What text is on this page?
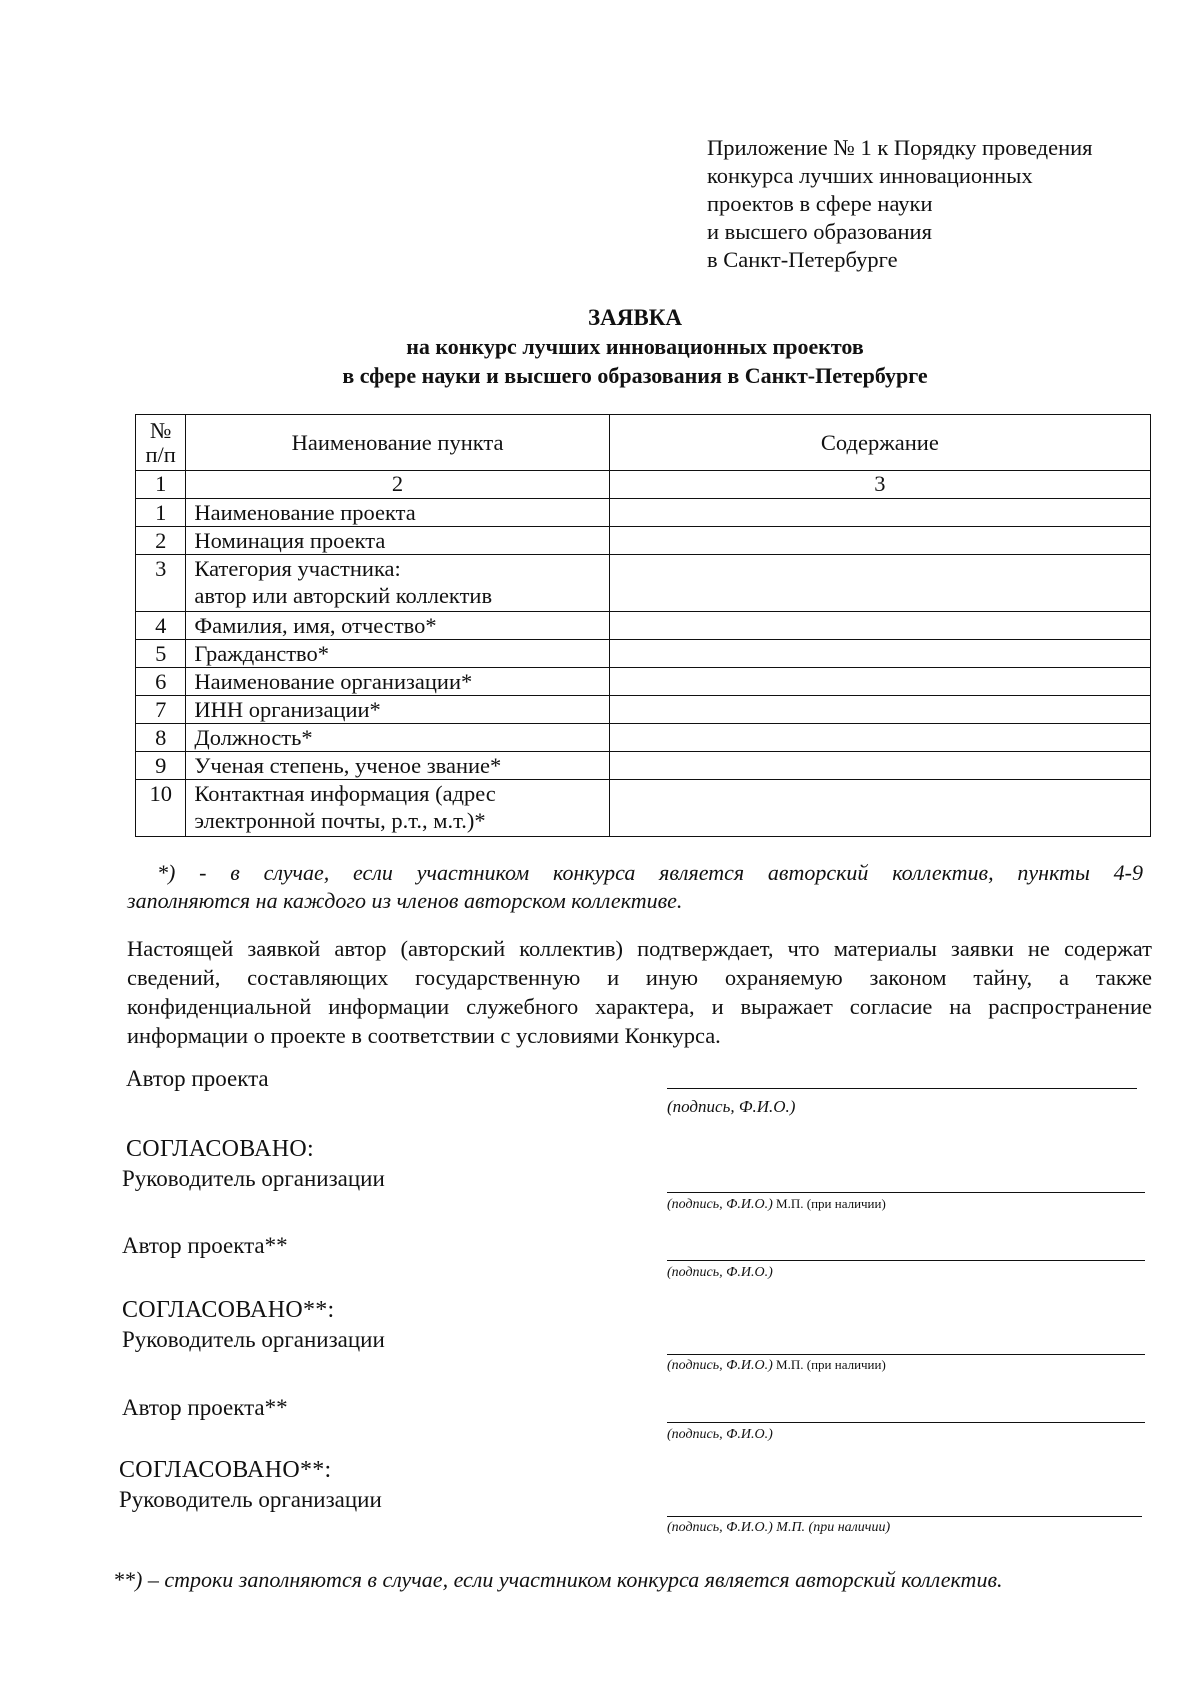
Приложение № 1 к Порядку проведения
конкурса лучших инновационных
проектов в сфере науки
и высшего образования
в Санкт-Петербурге
ЗАЯВКА
на конкурс лучших инновационных проектов
в сфере науки и высшего образования в Санкт-Петербурге
№
п/п	Наименование пункта	Содержание
1	2	3
1	Наименование проекта	
2	Номинация проекта	
3	Категория участника:
автор или авторский коллектив	

4	Фамилия, имя, отчество*	
5	Гражданство*	
6	Наименование организации*	
7	ИНН организации*	
8	Должность*	
9	Ученая степень, ученое звание*	
10	Контактная информация (адрес
электронной почты, р.т., м.т.)*	

*) - в случае, если участником конкурса является авторский коллектив, пункты 4-9
заполняются на каждого из членов авторском коллективе.
Настоящей заявкой автор (авторский коллектив) подтверждает, что материалы заявки не содержат
сведений, составляющих государственную и иную охраняемую законом тайну, а также
конфиденциальной информации служебного характера, и выражает согласие на распространение
информации о проекте в соответствии с условиями Конкурса.
Автор проекта
(подпись, Ф.И.О.)
СОГЛАСОВАНО:
Руководитель организации
(подпись, Ф.И.О.) М.П. (при наличии)
Автор проекта**
(подпись, Ф.И.О.)
СОГЛАСОВАНО**:
Руководитель организации
(подпись, Ф.И.О.) М.П. (при наличии)
Автор проекта**
(подпись, Ф.И.О.)
СОГЛАСОВАНО**:
Руководитель организации
(подпись, Ф.И.О.) М.П. (при наличии)
**) – строки заполняются в случае, если участником конкурса является авторский коллектив.
